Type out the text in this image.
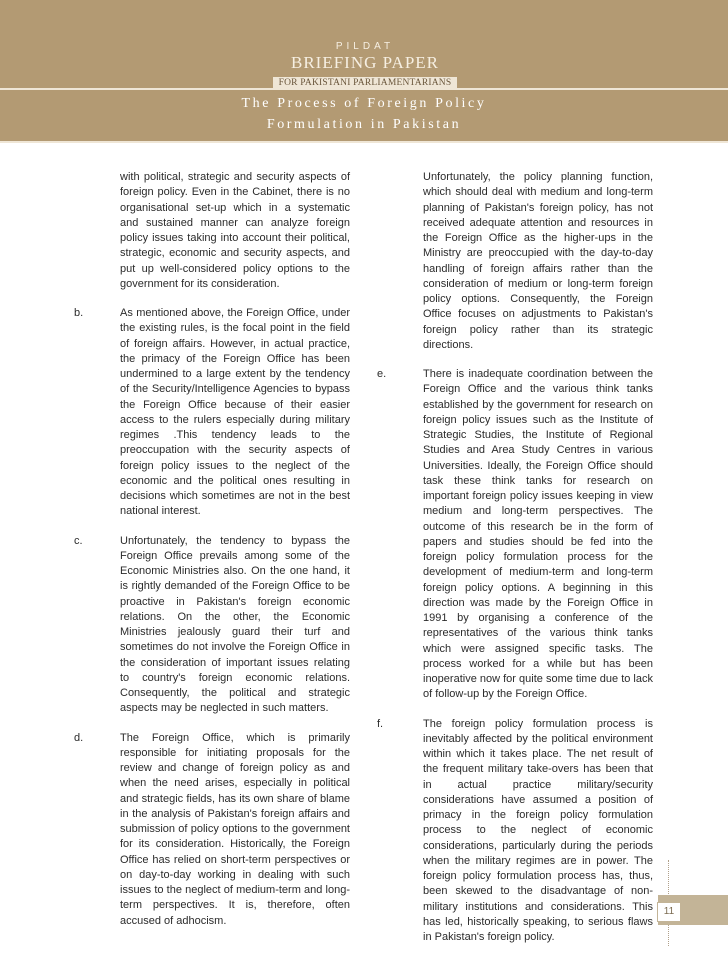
PILDAT
BRIEFING PAPER
FOR PAKISTANI PARLIAMENTARIANS
The Process of Foreign Policy
Formulation in Pakistan

with political, strategic and security aspects of foreign policy. Even in the Cabinet, there is no organisational set-up which in a systematic and sustained manner can analyze foreign policy issues taking into account their political, strategic, economic and security aspects, and put up well-considered policy options to the government for its consideration.

b.	As mentioned above, the Foreign Office, under the existing rules, is the focal point in the field of foreign affairs. However, in actual practice, the primacy of the Foreign Office has been undermined to a large extent by the tendency of the Security/Intelligence Agencies to bypass the Foreign Office because of their easier access to the rulers especially during military regimes .This tendency leads to the preoccupation with the security aspects of foreign policy issues to the neglect of the economic and the political ones resulting in decisions which sometimes are not in the best national interest.

c.	Unfortunately, the tendency to bypass the Foreign Office prevails among some of the Economic Ministries also. On the one hand, it is rightly demanded of the Foreign Office to be proactive in Pakistan's foreign economic relations. On the other, the Economic Ministries jealously guard their turf and sometimes do not involve the Foreign Office in the consideration of important issues relating to country's foreign economic relations. Consequently, the political and strategic aspects may be neglected in such matters.

d.	The Foreign Office, which is primarily responsible for initiating proposals for the review and change of foreign policy as and when the need arises, especially in political and strategic fields, has its own share of blame in the analysis of Pakistan's foreign affairs and submission of policy options to the government for its consideration. Historically, the Foreign Office has relied on short-term perspectives or on day-to-day working in dealing with such issues to the neglect of medium-term and long-term perspectives. It is, therefore, often accused of adhocism.

Unfortunately, the policy planning function, which should deal with medium and long-term planning of Pakistan's foreign policy, has not received adequate attention and resources in the Foreign Office as the higher-ups in the Ministry are preoccupied with the day-to-day handling of foreign affairs rather than the consideration of medium or long-term foreign policy options. Consequently, the Foreign Office focuses on adjustments to Pakistan's foreign policy rather than its strategic directions.

e.	There is inadequate coordination between the Foreign Office and the various think tanks established by the government for research on foreign policy issues such as the Institute of Strategic Studies, the Institute of Regional Studies and Area Study Centres in various Universities. Ideally, the Foreign Office should task these think tanks for research on important foreign policy issues keeping in view medium and long-term perspectives. The outcome of this research be in the form of papers and studies should be fed into the foreign policy formulation process for the development of medium-term and long-term foreign policy options. A beginning in this direction was made by the Foreign Office in 1991 by organising a conference of the representatives of the various think tanks which were assigned specific tasks. The process worked for a while but has been inoperative now for quite some time due to lack of follow-up by the Foreign Office.

f.	The foreign policy formulation process is inevitably affected by the political environment within which it takes place. The net result of the frequent military take-overs has been that in actual practice military/security considerations have assumed a position of primacy in the foreign policy formulation process to the neglect of economic considerations, particularly during the periods when the military regimes are in power. The foreign policy formulation process has, thus, been skewed to the disadvantage of non-military institutions and considerations. This has led, historically speaking, to serious flaws in Pakistan's foreign policy.

11
